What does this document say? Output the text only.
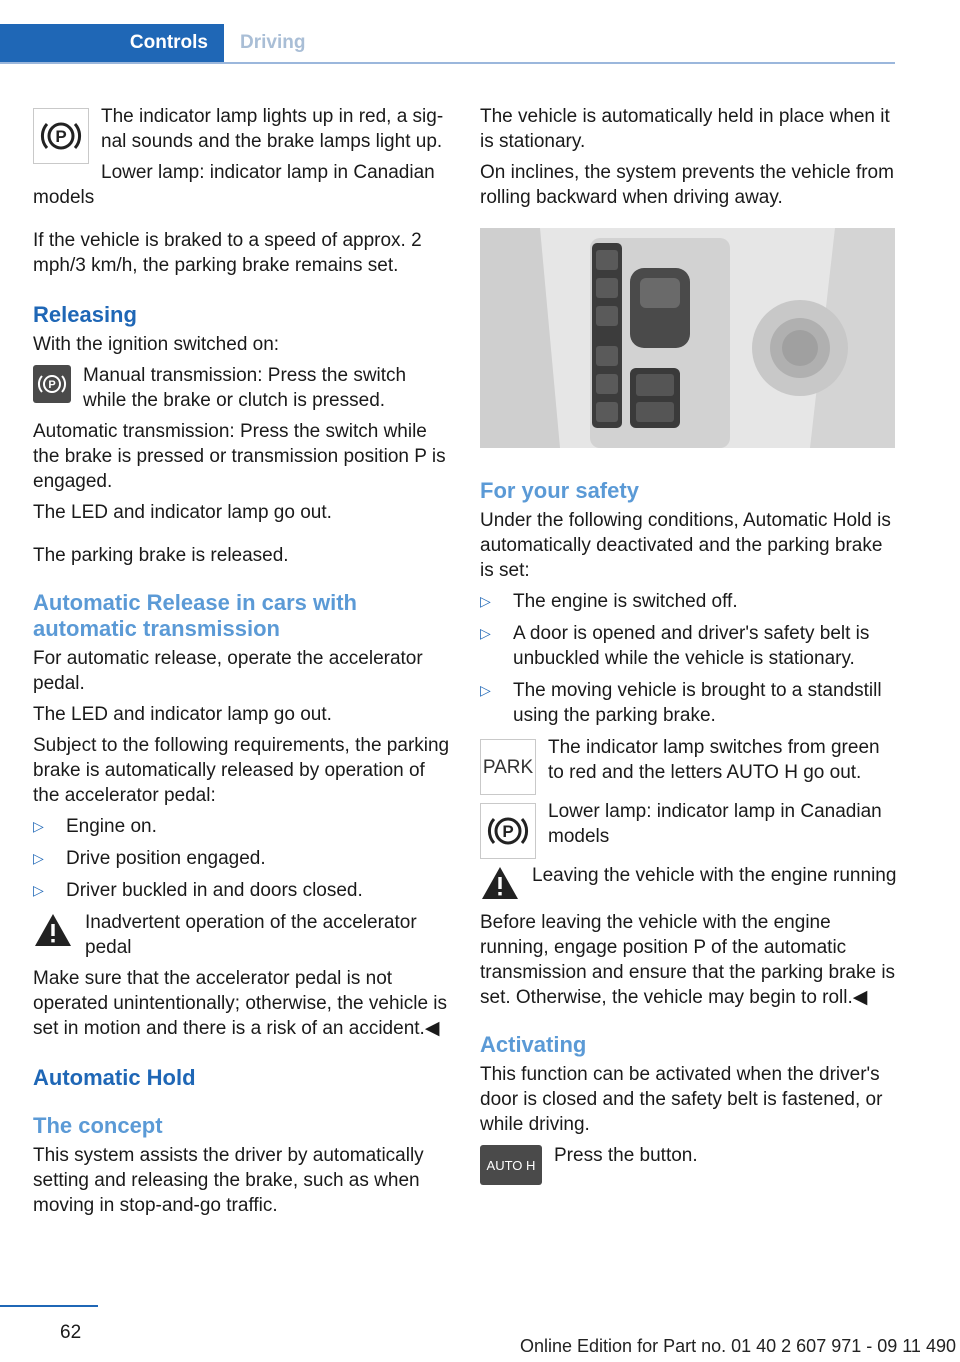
Controls	Driving
P

The indicator lamp lights up in red, a sig-
nal sounds and the brake lamps light up.

Lower lamp: indicator lamp in Canadian models

If the vehicle is braked to a speed of approx. 2 mph/3 km/h, the parking brake remains set.

Releasing

With the ignition switched on:

P	Manual transmission: Press the switch while the brake or clutch is pressed.

Automatic transmission: Press the switch while the brake is pressed or transmission position P is engaged.

The LED and indicator lamp go out.

The parking brake is released.

Automatic Release in cars with automatic transmission

For automatic release, operate the accelerator pedal.

The LED and indicator lamp go out.

Subject to the following requirements, the parking brake is automatically released by operation of the accelerator pedal:

▷ Engine on.
▷ Drive position engaged.
▷ Driver buckled in and doors closed.

Inadvertent operation of the accelerator pedal

Make sure that the accelerator pedal is not operated unintentionally; otherwise, the vehicle is set in motion and there is a risk of an accident.◀

Automatic Hold
The concept

This system assists the driver by automatically setting and releasing the brake, such as when moving in stop-and-go traffic.

The vehicle is automatically held in place when it is stationary.

On inclines, the system prevents the vehicle from rolling backward when driving away.

For your safety

Under the following conditions, Automatic Hold is automatically deactivated and the parking brake is set:

▷ The engine is switched off.
▷ A door is opened and driver's safety belt is unbuckled while the vehicle is stationary.
▷ The moving vehicle is brought to a standstill using the parking brake.
PARK

The indicator lamp switches from green to red and the letters AUTO H go out.

P

Lower lamp: indicator lamp in Canadian models

Leaving the vehicle with the engine running

Before leaving the vehicle with the engine running, engage position P of the automatic transmission and ensure that the parking brake is set. Otherwise, the vehicle may begin to roll.◀

Activating

This function can be activated when the driver's door is closed and the safety belt is fastened, or while driving.

AUTO H Press the button.

62
Online Edition for Part no. 01 40 2 607 971 - 09 11 490
